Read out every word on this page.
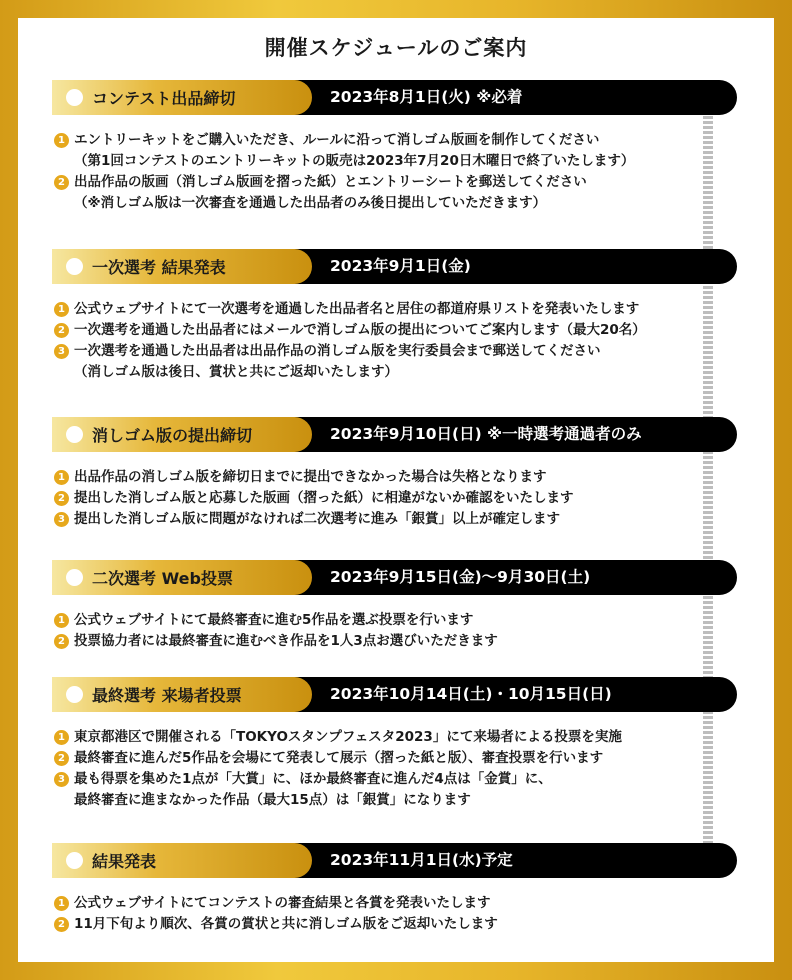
開催スケジュールのご案内
コンテスト出品締切	2023年8月1日(火) ※必着
1 エントリーキットをご購入いただき、ルールに沿って消しゴム版画を制作してください
（第1回コンテストのエントリーキットの販売は2023年7月20日木曜日で終了いたします）
2 出品作品の版画（消しゴム版画を摺った紙）とエントリーシートを郵送してください
（※消しゴム版は一次審査を通過した出品者のみ後日提出していただきます）
一次選考 結果発表	2023年9月1日(金)
1 公式ウェブサイトにて一次選考を通過した出品者名と居住の都道府県リストを発表いたします
2 一次選考を通過した出品者にはメールで消しゴム版の提出についてご案内します（最大20名）
3 一次選考を通過した出品者は出品作品の消しゴム版を実行委員会まで郵送してください
（消しゴム版は後日、賞状と共にご返却いたします）
消しゴム版の提出締切	2023年9月10日(日) ※一時選考通過者のみ
1 出品作品の消しゴム版を締切日までに提出できなかった場合は失格となります
2 提出した消しゴム版と応募した版画（摺った紙）に相違がないか確認をいたします
3 提出した消しゴム版に問題がなければ二次選考に進み「銀賞」以上が確定します
二次選考 Web投票	2023年9月15日(金)〜9月30日(土)
1 公式ウェブサイトにて最終審査に進む5作品を選ぶ投票を行います
2 投票協力者には最終審査に進むべき作品を1人3点お選びいただきます
最終選考 来場者投票	2023年10月14日(土)・10月15日(日)
1 東京都港区で開催される「TOKYOスタンプフェスタ2023」にて来場者による投票を実施
2 最終審査に進んだ5作品を会場にて発表して展示（摺った紙と版）、審査投票を行います
3 最も得票を集めた1点が「大賞」に、ほか最終審査に進んだ4点は「金賞」に、
最終審査に進まなかった作品（最大15点）は「銀賞」になります
結果発表	2023年11月1日(水)予定
1 公式ウェブサイトにてコンテストの審査結果と各賞を発表いたします
2 11月下旬より順次、各賞の賞状と共に消しゴム版をご返却いたします
